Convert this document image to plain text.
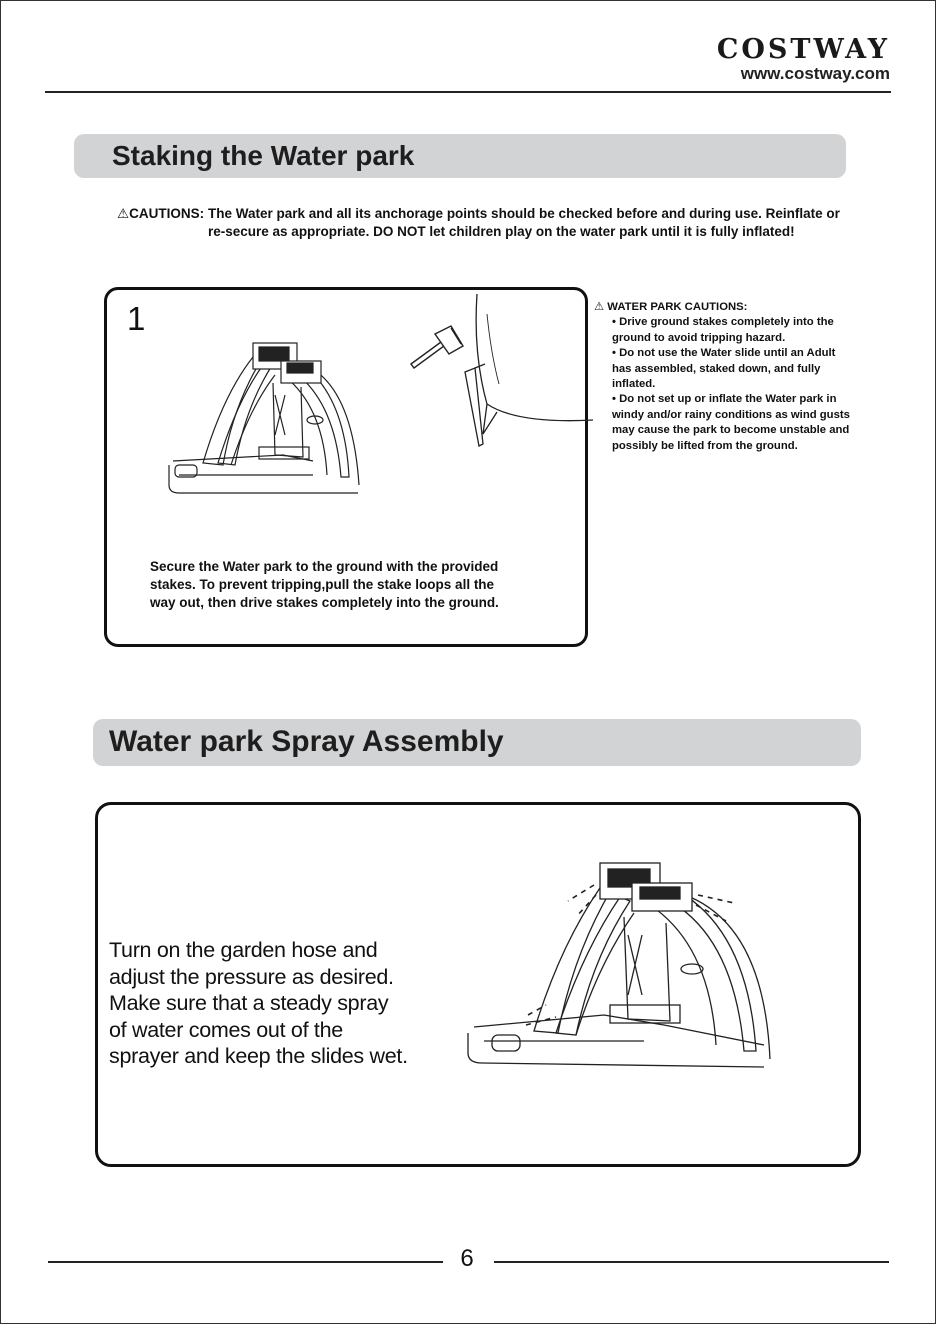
COSTWAY
www.costway.com
Staking the Water park
⚠CAUTIONS: The Water park and all its anchorage points should be checked before and during use. Reinflate or re-secure as appropriate. DO NOT let children play on the water park until it is fully inflated!
1
Secure the Water park to the ground with the provided stakes. To prevent tripping,pull the stake loops all the way out, then drive stakes completely into the ground.
⚠ WATER PARK CAUTIONS:
• Drive ground stakes completely into the ground to avoid tripping hazard.
• Do not use the Water slide until an Adult has assembled, staked down, and fully inflated.
• Do not set up or inflate the Water park in windy and/or rainy conditions as wind gusts may cause the park to become unstable and possibly be lifted from the ground.
Water park Spray Assembly
Turn on the garden hose and adjust the pressure as desired. Make sure that a steady spray of water comes out of the sprayer and keep the slides wet.
6
